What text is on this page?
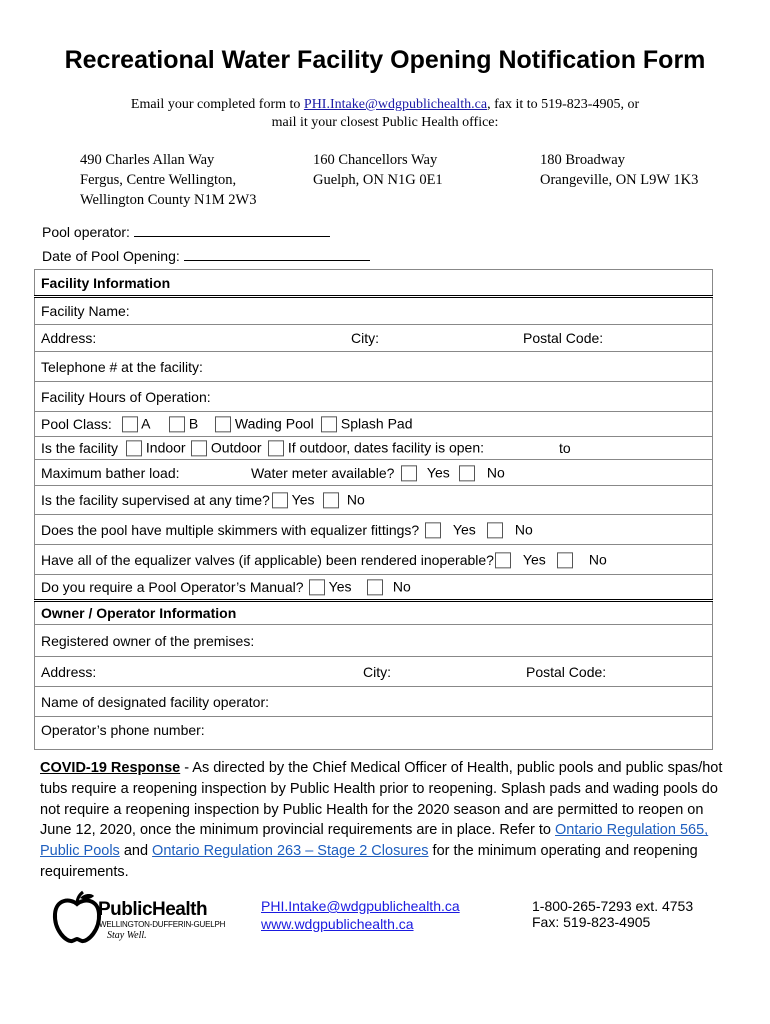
Recreational Water Facility Opening Notification Form
Email your completed form to PHI.Intake@wdgpublichealth.ca, fax it to 519-823-4905, or
mail it your closest Public Health office:
490 Charles Allan Way
Fergus, Centre Wellington,
Wellington County N1M 2W3
160 Chancellors Way
Guelph, ON N1G 0E1
180 Broadway
Orangeville, ON L9W 1K3
Pool operator:
Date of Pool Opening:
Facility Information
Facility Name:

Address:	City:	Postal Code:

Telephone # at the facility:
Facility Hours of Operation:

Pool Class:	A	B	Wading Pool	Splash Pad

Is the facility	Indoor	Outdoor	If outdoor, dates facility is open:	to

Maximum bather load:	Water meter available?	Yes	No

Is the facility supervised at any time?	Yes	No

Does the pool have multiple skimmers with equalizer fittings?	Yes	No

Have all of the equalizer valves (if applicable) been rendered inoperable?	Yes	No

Do you require a Pool Operator’s Manual?	Yes	No

Owner / Operator Information
Registered owner of the premises:

Address:	City:	Postal Code:

Name of designated facility operator:

Operator’s phone number:
COVID-19 Response - As directed by the Chief Medical Officer of Health, public pools and public spas/hot tubs require a reopening inspection by Public Health prior to reopening. Splash pads and wading pools do not require a reopening inspection by Public Health for the 2020 season and are permitted to reopen on June 12, 2020, once the minimum provincial requirements are in place. Refer to Ontario Regulation 565, Public Pools and Ontario Regulation 263 – Stage 2 Closures for the minimum operating and reopening requirements.
PublicHealth
WELLINGTON-DUFFERIN-GUELPH
Stay Well.
PHI.Intake@wdgpublichealth.ca
www.wdgpublichealth.ca
1-800-265-7293 ext. 4753
Fax: 519-823-4905
